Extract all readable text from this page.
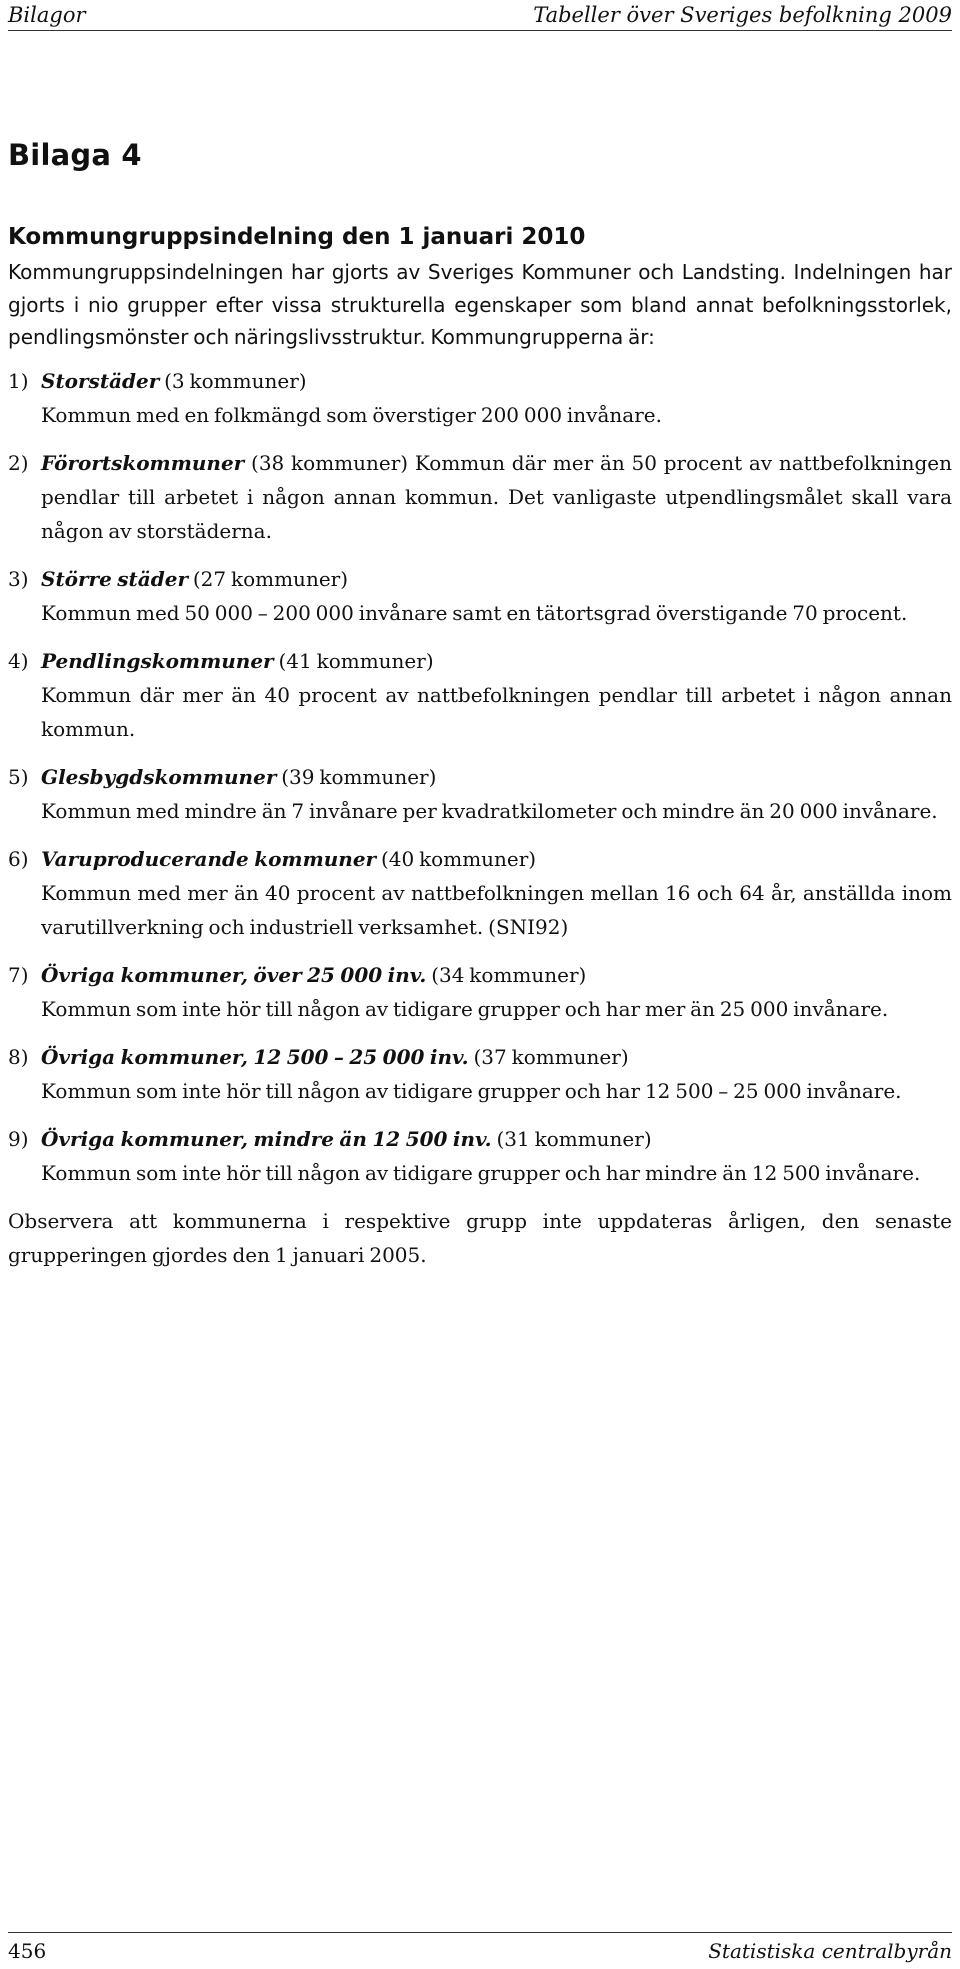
Bilagor	Tabeller över Sveriges befolkning 2009
Bilaga 4
Kommungruppsindelning den 1 januari 2010

Kommungruppsindelningen har gjorts av Sveriges Kommuner och Landsting. Indelningen har gjorts i nio grupper efter vissa strukturella egenskaper som bland annat befolkningsstorlek, pendlingsmönster och näringslivsstruktur. Kommungrupperna är:

1) Storstäder (3 kommuner)
Kommun med en folkmängd som överstiger 200 000 invånare.
2) Förortskommuner (38 kommuner) Kommun där mer än 50 procent av nattbefolkningen pendlar till arbetet i någon annan kommun. Det vanligaste utpendlingsmålet skall vara någon av storstäderna.
3) Större städer (27 kommuner)
Kommun med 50 000 – 200 000 invånare samt en tätortsgrad överstigande 70 procent.
4) Pendlingskommuner (41 kommuner)
Kommun där mer än 40 procent av nattbefolkningen pendlar till arbetet i någon annan kommun.
5) Glesbygdskommuner (39 kommuner)
Kommun med mindre än 7 invånare per kvadratkilometer och mindre än 20 000 invånare.
6) Varuproducerande kommuner (40 kommuner)
Kommun med mer än 40 procent av nattbefolkningen mellan 16 och 64 år, anställda inom varutillverkning och industriell verksamhet. (SNI92)
7) Övriga kommuner, över 25 000 inv. (34 kommuner)
Kommun som inte hör till någon av tidigare grupper och har mer än 25 000 invånare.
8) Övriga kommuner, 12 500 – 25 000 inv. (37 kommuner)
Kommun som inte hör till någon av tidigare grupper och har 12 500 – 25 000 invånare.
9) Övriga kommuner, mindre än 12 500 inv. (31 kommuner)
Kommun som inte hör till någon av tidigare grupper och har mindre än 12 500 invånare.

Observera att kommunerna i respektive grupp inte uppdateras årligen, den senaste grupperingen gjordes den 1 januari 2005.

456	Statistiska centralbyrån
